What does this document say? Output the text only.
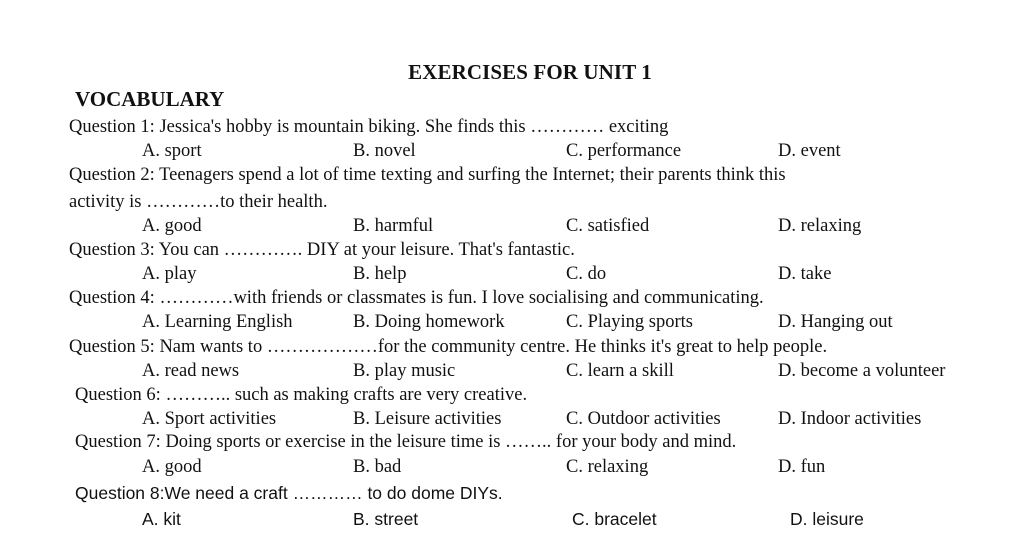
EXERCISES FOR UNIT 1
VOCABULARY
Question 1: Jessica's hobby is mountain biking. She finds this ………… exciting
A. sport	B. novel	C. performance	D. event
Question 2: Teenagers spend a lot of time texting and surfing the Internet; their parents think this
activity is …………to their health.
A. good	B. harmful	C. satisfied	D. relaxing
Question 3: You can …………. DIY at your leisure. That's fantastic.
A. play	B. help	C. do	D. take
Question 4: …………with friends or classmates is fun. I love socialising and communicating.
A. Learning English	B. Doing homework	C. Playing sports	D. Hanging out
Question 5: Nam wants to ………………for the community centre. He thinks it's great to help people.
A. read news	B. play music	C. learn a skill	D. become a volunteer
Question 6: ……….. such as making crafts are very creative.
A. Sport activities	B. Leisure activities	C. Outdoor activities	D. Indoor activities
Question 7: Doing sports or exercise in the leisure time is …….. for your body and mind.
A. good	B. bad	C. relaxing	D. fun
Question 8:We need a craft ………… to do dome DIYs.
A. kit	B. street	C. bracelet	D. leisure
